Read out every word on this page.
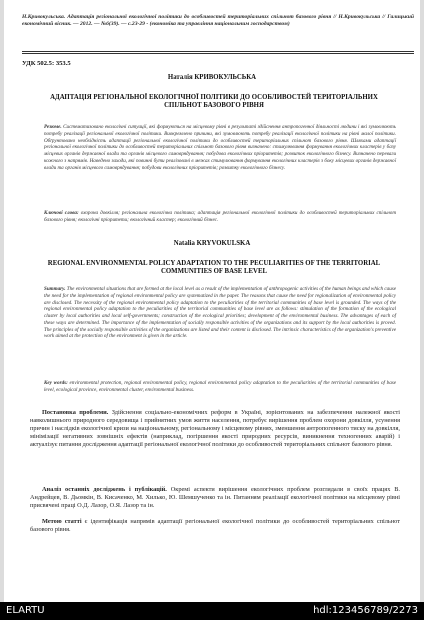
Н.Кривокульська. Адаптація регіональної екологічної політики до особливостей територіальних спільнот базового рівня // Н.Кривокульська // Галицький економічний вісник. — 2012. — №6(39). — с.23-29 - (економіка та управління національним господарством)
УДК 502.5: 353.5
Наталія КРИВОКУЛЬСЬКА
АДАПТАЦІЯ РЕГІОНАЛЬНОЇ ЕКОЛОГІЧНОЇ ПОЛІТИКИ ДО ОСОБЛИВОСТЕЙ ТЕРИТОРІАЛЬНИХ СПІЛЬНОТ БАЗОВОГО РІВНЯ
Резюме. Систематизовано екологічні ситуації, які формуються на місцевому рівні в результаті здійснення антропогенної діяльності людини і які зумовлюють потребу реалізації регіональної екологічної політики. Виокремлено причини, які зумовлюють потребу реалізації екологічної політики на рівні малої політики. Обґрунтовано необхідність адаптації регіональної екологічної політики до особливостей територіальних спільнот базового рівня. Шляхами адаптації регіональної екологічної політики до особливостей територіальних спільнот базового рівня визначено: стимулювання формування екологічних кластерів у базу місцевих органів державної влади та органів місцевого самоврядування; побудова екологічних пріоритетів; розвиток екологічного бізнесу. Визначено переваги кожного з напрямів. Наведено заходи, які повинні бути реалізовані в межах стимулювання формування екологічних кластерів з боку місцевих органів державної влади та органів місцевого самоврядування; побудови екологічних пріоритетів; розвитку екологічного бізнесу.
Ключові слова: охорона довкілля; регіональна екологічна політика; адаптація регіональної екологічної політики до особливостей територіальних спільнот базового рівня; екологічні пріоритети; екологічний кластер; екологічний бізнес.
Natalia KRYVOKULSKA
REGIONAL ENVIRONMENTAL POLICY ADAPTATION TO THE PECULIARITIES OF THE TERRITORIAL COMMUNITIES OF BASE LEVEL
Summary. The environmental situations that are formed at the local level as a result of the implementation of anthropogenic activities of the human beings and which cause the need for the implementation of regional environmental policy are systematized in the paper. The reasons that cause the need for regionalization of environmental policy are disclosed. The necessity of the regional environmental policy adaptation to the peculiarities of the territorial communities of base level is grounded. The ways of the regional environmental policy adaptation to the peculiarities of the territorial communities of base level are as follows: stimulation of the formation of the ecological cluster by local authorities and local self-governments; construction of the ecological priorities; development of the environmental business. The advantages of each of these ways are determined. The importance of the implementation of socially responsible activities of the organizations and its support by the local authorities is proved. The principles of the socially responsible activities of the organizations are listed and their content is disclosed. The intrinsic characteristics of the organization's preventive work aimed at the protection of the environment is given in the article.
Key words: environmental protection, regional environmental policy, regional environmental policy adaptation to the peculiarities of the territorial communities of base level, ecological province, environmental cluster, environmental business.
Постановка проблеми. Здійснення соціально-економічних реформ в Україні, зорієнтованих на забезпечення належної якості навколишнього природного середовища і прийнятних умов життя населення, потребує вирішення проблем охорони довкілля, усунення причин і наслідків екологічної кризи на національному, регіональному і місцевому рівнях, зменшення антропогенного тиску на довкілля, мінімізації негативних зовнішніх ефектів (наприклад, погіршення якості природних ресурсів, виникнення техногенних аварій) і актуалізує питання дослідження адаптації регіональної екологічної політики до особливостей територіальних спільнот базового рівня.
Аналіз останніх досліджень і публікацій. Окремі аспекти вирішення екологічних проблем розглядали в своїх працях В. Андрейцев, В. Дьомкін, В. Кисаченко, М. Хилько, Ю. Шемшученко та ін. Питанням реалізації екологічної політики на місцевому рівні присвячені праці О.Д. Лазор, О.Я. Лазор та ін.
Метою статті є ідентифікація напрямів адаптації регіональної екологічної політики до особливостей територіальних спільнот базового рівня.
ELARTU	hdl:123456789/2273
